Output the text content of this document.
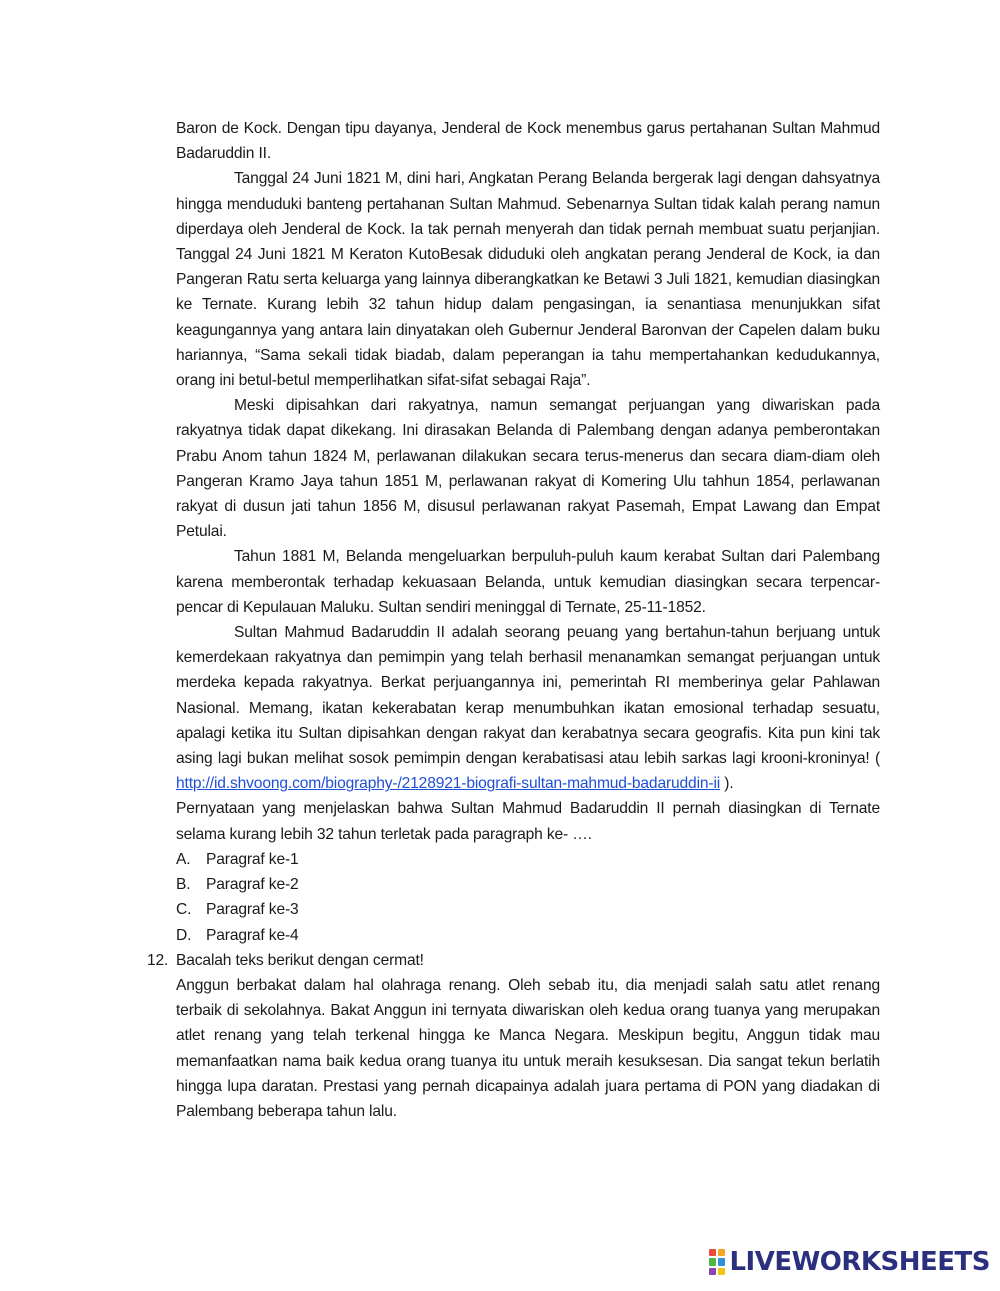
Baron de Kock. Dengan tipu dayanya, Jenderal de Kock menembus garus pertahanan Sultan Mahmud Badaruddin II.

Tanggal 24 Juni 1821 M, dini hari, Angkatan Perang Belanda bergerak lagi dengan dahsyatnya hingga menduduki banteng pertahanan Sultan Mahmud. Sebenarnya Sultan tidak kalah perang namun diperdaya oleh Jenderal de Kock. Ia tak pernah menyerah dan tidak pernah membuat suatu perjanjian. Tanggal 24 Juni 1821 M Keraton KutoBesak diduduki oleh angkatan perang Jenderal de Kock, ia dan Pangeran Ratu serta keluarga yang lainnya diberangkatkan ke Betawi 3 Juli 1821, kemudian diasingkan ke Ternate. Kurang lebih 32 tahun hidup dalam pengasingan, ia senantiasa menunjukkan sifat keagungannya yang antara lain dinyatakan oleh Gubernur Jenderal Baronvan der Capelen dalam buku hariannya, “Sama sekali tidak biadab, dalam peperangan ia tahu mempertahankan kedudukannya, orang ini betul-betul memperlihatkan sifat-sifat sebagai Raja”.

Meski dipisahkan dari rakyatnya, namun semangat perjuangan yang diwariskan pada rakyatnya tidak dapat dikekang. Ini dirasakan Belanda di Palembang dengan adanya pemberontakan Prabu Anom tahun 1824 M, perlawanan dilakukan secara terus-menerus dan secara diam-diam oleh Pangeran Kramo Jaya tahun 1851 M, perlawanan rakyat di Komering Ulu tahhun 1854, perlawanan rakyat di dusun jati tahun 1856 M, disusul perlawanan rakyat Pasemah, Empat Lawang dan Empat Petulai.

Tahun 1881 M, Belanda mengeluarkan berpuluh-puluh kaum kerabat Sultan dari Palembang karena memberontak terhadap kekuasaan Belanda, untuk kemudian diasingkan secara terpencar-pencar di Kepulauan Maluku. Sultan sendiri meninggal di Ternate, 25-11-1852.

Sultan Mahmud Badaruddin II adalah seorang peuang yang bertahun-tahun berjuang untuk kemerdekaan rakyatnya dan pemimpin yang telah berhasil menanamkan semangat perjuangan untuk merdeka kepada rakyatnya. Berkat perjuangannya ini, pemerintah RI memberinya gelar Pahlawan Nasional. Memang, ikatan kekerabatan kerap menumbuhkan ikatan emosional terhadap sesuatu, apalagi ketika itu Sultan dipisahkan dengan rakyat dan kerabatnya secara geografis. Kita pun kini tak asing lagi bukan melihat sosok pemimpin dengan kerabatisasi atau lebih sarkas lagi krooni-kroninya! ( http://id.shvoong.com/biography-/2128921-biografi-sultan-mahmud-badaruddin-ii ).

Pernyataan yang menjelaskan bahwa Sultan Mahmud Badaruddin II pernah diasingkan di Ternate selama kurang lebih 32 tahun terletak pada paragraph ke- ….

A. Paragraf ke-1
B. Paragraf ke-2
C. Paragraf ke-3
D. Paragraf ke-4
12. Bacalah teks berikut dengan cermat!

Anggun berbakat dalam hal olahraga renang. Oleh sebab itu, dia menjadi salah satu atlet renang terbaik di sekolahnya. Bakat Anggun ini ternyata diwariskan oleh kedua orang tuanya yang merupakan atlet renang yang telah terkenal hingga ke Manca Negara. Meskipun begitu, Anggun tidak mau memanfaatkan nama baik kedua orang tuanya itu untuk meraih kesuksesan. Dia sangat tekun berlatih hingga lupa daratan. Prestasi yang pernah dicapainya adalah juara pertama di PON yang diadakan di Palembang beberapa tahun lalu.

LIVEWORKSHEETS
